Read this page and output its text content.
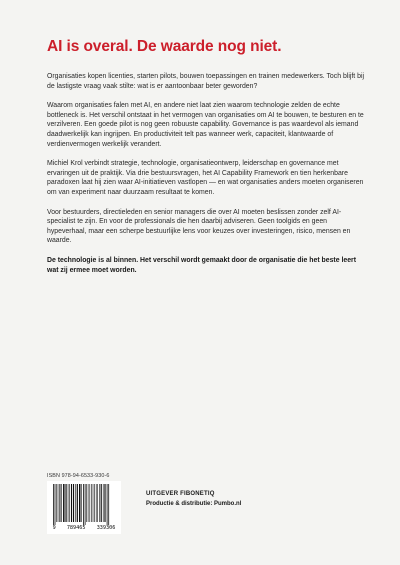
AI is overal. De waarde nog niet.

Organisaties kopen licenties, starten pilots, bouwen toepassingen en trainen medewerkers. Toch blijft bij de lastigste vraag vaak stilte: wat is er aantoonbaar beter geworden?

Waarom organisaties falen met AI, en andere niet laat zien waarom technologie zelden de echte bottleneck is. Het verschil ontstaat in het vermogen van organisaties om AI te bouwen, te besturen en te verzilveren. Een goede pilot is nog geen robuuste capability. Governance is pas waardevol als iemand daadwerkelijk kan ingrijpen. En productiviteit telt pas wanneer werk, capaciteit, klantwaarde of verdienvermogen werkelijk verandert.

Michiel Krol verbindt strategie, technologie, organisatieontwerp, leiderschap en governance met ervaringen uit de praktijk. Via drie bestuursvragen, het AI Capability Framework en tien herkenbare paradoxen laat hij zien waar AI-initiatieven vastlopen — en wat organisaties anders moeten organiseren om van experiment naar duurzaam resultaat te komen.

Voor bestuurders, directieleden en senior managers die over AI moeten beslissen zonder zelf AI-specialist te zijn. En voor de professionals die hen daarbij adviseren. Geen toolgids en geen hypeverhaal, maar een scherpe bestuurlijke lens voor keuzes over investeringen, risico, mensen en waarde.

De technologie is al binnen. Het verschil wordt gemaakt door de organisatie die het beste leert wat zij ermee moet worden.

ISBN 978-94-6533-930-6
9 789465 339306
UITGEVER FIBONETIQ
Productie & distributie: Pumbo.nl
